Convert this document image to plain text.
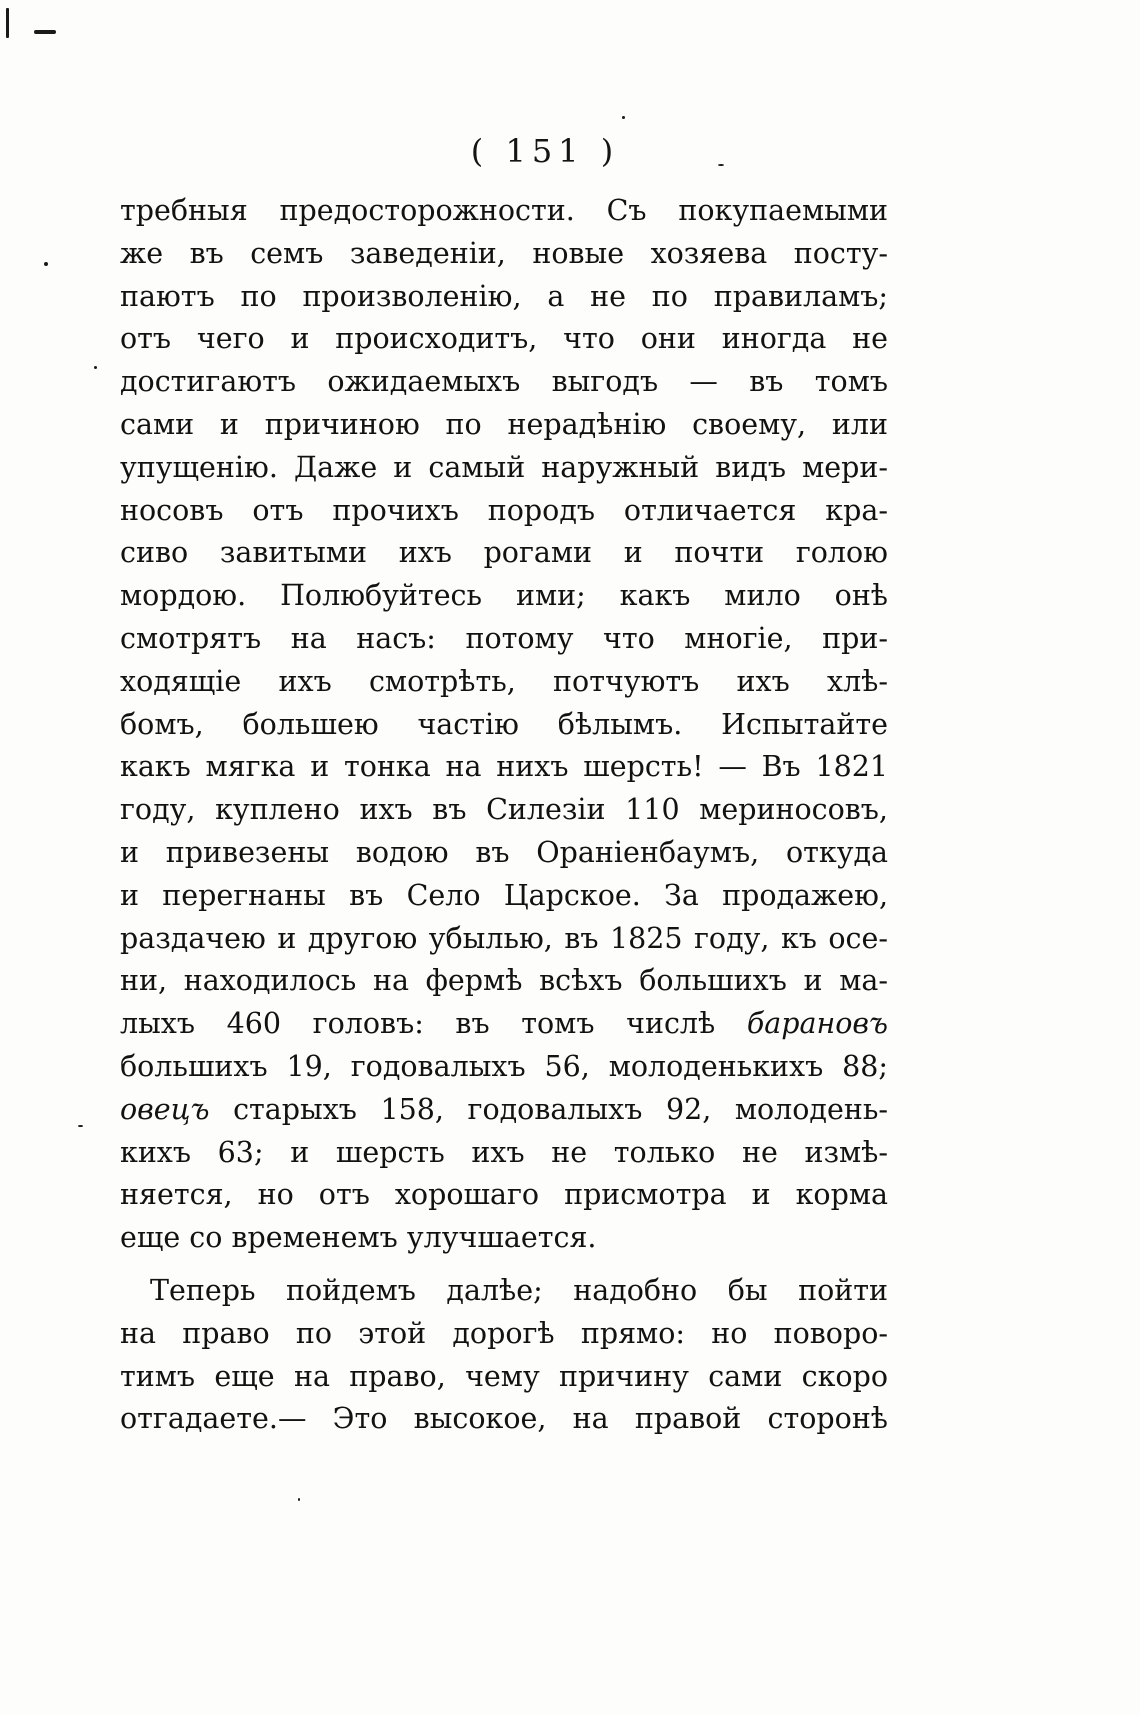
( 151 )
требныя предосторожности. Съ покупаемыми
же въ семъ заведеніи, новые хозяева посту-
паютъ по произволенію, а не по правиламъ;
отъ чего и происходитъ, что они иногда не
достигаютъ ожидаемыхъ выгодъ — въ томъ
сами и причиною по нерадѣнію своему, или
упущенію. Даже и самый наружный видъ мери-
носовъ отъ прочихъ породъ отличается кра-
сиво завитыми ихъ рогами и почти голою
мордою. Полюбуйтесь ими; какъ мило онѣ
смотрятъ на насъ: потому что многіе, при-
ходящіе ихъ смотрѣть, потчуютъ ихъ хлѣ-
бомъ, большею частію бѣлымъ. Испытайте
какъ мягка и тонка на нихъ шерсть! — Въ 1821
году, куплено ихъ въ Силезіи 110 мериносовъ,
и привезены водою въ Ораніенбаумъ, откуда
и перегнаны въ Село Царское. За продажею,
раздачею и другою убылью, въ 1825 году, къ осе-
ни, находилось на фермѣ всѣхъ большихъ и ма-
лыхъ 460 головъ: въ томъ числѣ барановъ
большихъ 19, годовалыхъ 56, молоденькихъ 88;
овецъ старыхъ 158, годовалыхъ 92, молодень-
кихъ 63; и шерсть ихъ не только не измѣ-
няется, но отъ хорошаго присмотра и корма
еще со временемъ улучшается.
Теперь пойдемъ далѣе; надобно бы пойти
на право по этой дорогѣ прямо: но поворо-
тимъ еще на право, чему причину сами скоро
отгадаете.— Это высокое, на правой сторонѣ
